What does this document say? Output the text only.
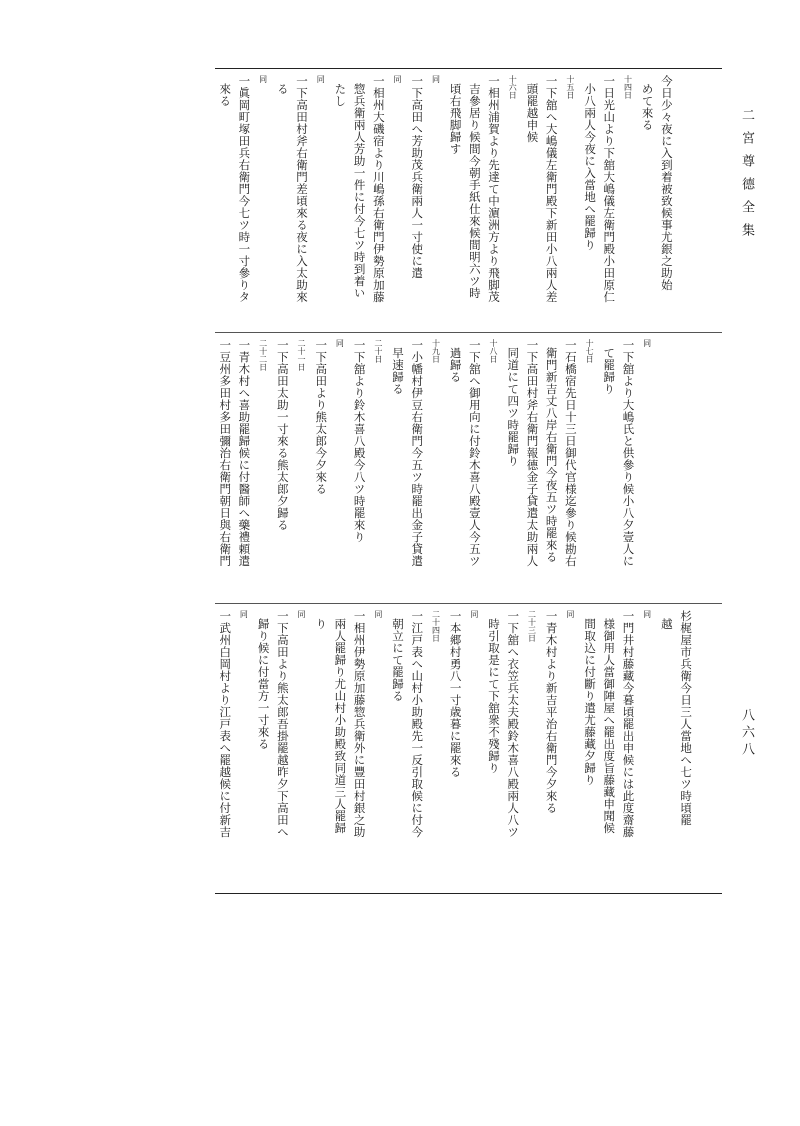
二宮尊德全集
八六八
今日少々夜に入到着被致候事尤銀之助始
めて來る
十四日
一日光山より下舘大嶋儀左衛門殿小田原仁
小八兩人今夜に入當地へ罷歸り
十五日
一下舘へ大嶋儀左衛門殿下新田小八兩人差
頭罷越申候
十六日
一相州浦賀より先達て中濵洲方より飛脚茂
吉參居り候間今朝手紙仕來候間明六ツ時
頃右飛脚歸す
同
一下高田へ芳助茂兵衛兩人一寸使に遣
同
一相州大磯宿より川嶋孫右衛門伊勢原加藤
惣兵衛兩人芳助一件に付今七ツ時到着い
たし
同
一下高田村斧右衛門差頃來る夜に入太助來
る
同
一眞岡町塚田兵右衛門今七ツ時一寸參りタ
來る
同
一下舘より大嶋氏と供參り候小八夕壹人に
て罷歸り
十七日
一石橋宿先日十三日御代官様迄參り候勘右
衛門新吉丈八岸右衛門今夜五ツ時罷來る
一下高田村斧右衛門報德金子貸遣太助兩人
同道にて四ツ時罷歸り
十八日
一下舘へ御用向に付鈴木喜八殿壹人今五ツ
過歸る
十九日
一小幡村伊豆右衛門今五ツ時罷出金子貸遣
早速歸る
二十日
一下舘より鈴木喜八殿今八ツ時罷來り
同
一下高田より熊太郎今夕來る
二十一日
一下高田太助一寸來る熊太郎夕歸る
二十二日
一青木村へ喜助罷歸候に付醫師へ藥禮頼遣
一豆州多田村多田彌治右衛門朝日與右衛門
杉梶屋市兵衛今日三人當地へ七ツ時頃罷
越
同
一門井村藤藏今暮頃罷出申候には此度齋藤
様御用人當御陣屋へ罷出度旨藤藏申聞候
間取込に付斷り遣尤藤藏夕歸り
同
一青木村より新吉平治右衛門今夕來る
二十三日
一下舘へ衣笠兵太夫殿鈴木喜八殿兩人八ツ
時引取是にて下舘衆不殘歸り
同
一本郷村勇八一寸歳暮に罷來る
二十四日
一江戸表へ山村小助殿先一反引取候に付今
朝立にて罷歸る
同
一相州伊勢原加藤惣兵衛外に豐田村銀之助
兩人罷歸り尤山村小助殿致同道三人罷歸
り
同
一下高田より熊太郎吾掛罷越昨夕下高田へ
歸り候に付當方一寸來る
同
一武州白岡村より江戸表へ罷越候に付新吉
